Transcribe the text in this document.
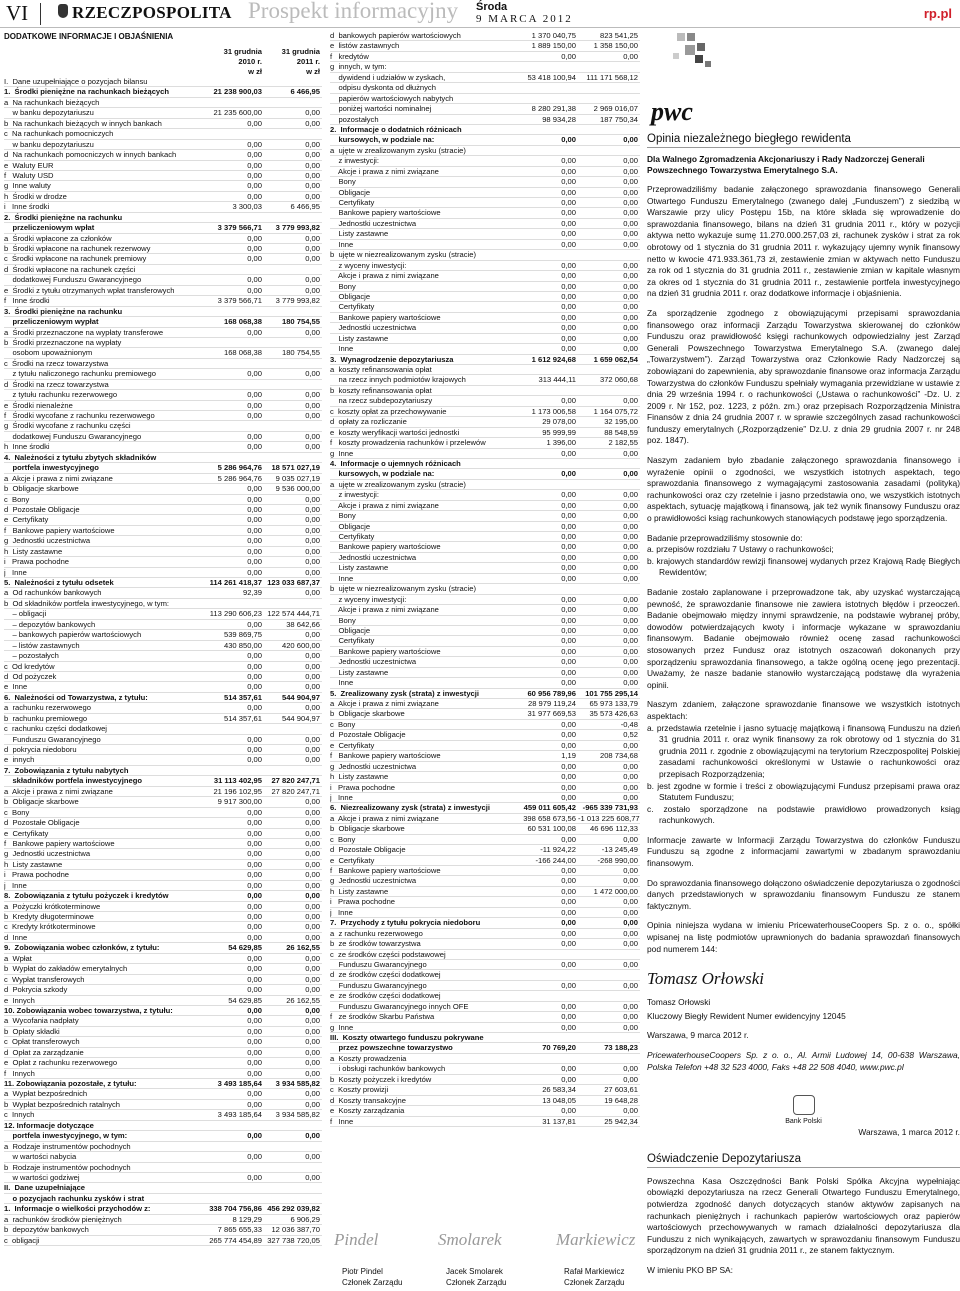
VI	RZECZPOSPOLITA Prospekt informacyjny Środa
9 MARCA 2012	rp.pl
DODATKOWE INFORMACJE I OBJAŚNIENIA
31 grudnia
2010 r.
w zł
31 grudnia
2011 r.
w zł
I.  Dane uzupełniające o pozycjach bilansu
1.  Środki pieniężne na rachunkach bieżących	21 238 900,03	6 466,95
a  Na rachunkach bieżących
w banku depozytariuszu	21 235 600,00	0,00
b  Na rachunkach bieżących w innych bankach	0,00	0,00
c  Na rachunkach pomocniczych
w banku depozytariuszu	0,00	0,00
d  Na rachunkach pomocniczych w innych bankach	0,00	0,00
e  Waluty EUR	0,00	0,00
f   Waluty USD	0,00	0,00
g  Inne waluty	0,00	0,00
h  Środki w drodze	0,00	0,00
i   Inne środki	3 300,03	6 466,95
2.  Środki pieniężne na rachunku
przeliczeniowym wpłat	3 379 566,71	3 779 993,82
a  Środki wpłacone za członków	0,00	0,00
b  Środki wpłacone na rachunek rezerwowy	0,00	0,00
c  Środki wpłacone na rachunek premiowy	0,00	0,00
d  Środki wpłacone na rachunek części
dodatkowej Funduszu Gwarancyjnego	0,00	0,00
e  Środki z tytułu otrzymanych wpłat transferowych	0,00	0,00
f   Inne środki	3 379 566,71	3 779 993,82
3.  Środki pieniężne na rachunku
przeliczeniowym wypłat	168 068,38	180 754,55
a  Środki przeznaczone na wypłaty transferowe	0,00	0,00
b  Środki przeznaczone na wypłaty
osobom upoważnionym	168 068,38	180 754,55
c  Środki na rzecz towarzystwa
z tytułu naliczonego rachunku premiowego	0,00	0,00
d  Środki na rzecz towarzystwa
z tytułu rachunku rezerwowego	0,00	0,00
e  Środki nienależne	0,00	0,00
f   Środki wycofane z rachunku rezerwowego	0,00	0,00
g  Środki wycofane z rachunku części
dodatkowej Funduszu Gwarancyjnego	0,00	0,00
h  Inne środki	0,00	0,00
4.  Należności z tytułu zbytych składników
portfela inwestycyjnego	5 286 964,76	18 571 027,19
a  Akcje i prawa z nimi związane	5 286 964,76	9 035 027,19
b  Obligacje skarbowe	0,00	9 536 000,00
c  Bony	0,00	0,00
d  Pozostałe Obligacje	0,00	0,00
e  Certyfikaty	0,00	0,00
f   Bankowe papiery wartościowe	0,00	0,00
g  Jednostki uczestnictwa	0,00	0,00
h  Listy zastawne	0,00	0,00
i   Prawa pochodne	0,00	0,00
j   Inne	0,00	0,00
5.  Należności z tytułu odsetek	114 261 418,37 123 033 687,37
a  Od rachunków bankowych	92,39	0,00
b  Od składników portfela inwestycyjnego, w tym:
– obligacji	113 290 606,23 122 574 444,71
– depozytów bankowych	0,00	38 642,66
– bankowych papierów wartościowych	539 869,75	0,00
– listów zastawnych	430 850,00	420 600,00
– pozostałych	0,00	0,00
c  Od kredytów	0,00	0,00
d  Od pożyczek	0,00	0,00
e  Inne	0,00	0,00
6.  Należności od Towarzystwa, z tytułu:	514 357,61	544 904,97
a  rachunku rezerwowego	0,00	0,00
b  rachunku premiowego	514 357,61	544 904,97
c  rachunku części dodatkowej
Funduszu Gwarancyjnego	0,00	0,00
d  pokrycia niedoboru	0,00	0,00
e  innych	0,00	0,00
7.  Zobowiązania z tytułu nabytych
składników portfela inwestycyjnego	31 113 402,95	27 820 247,71
a  Akcje i prawa z nimi związane	21 196 102,95	27 820 247,71
b  Obligacje skarbowe	9 917 300,00	0,00
c  Bony	0,00	0,00
d  Pozostałe Obligacje	0,00	0,00
e  Certyfikaty	0,00	0,00
f   Bankowe papiery wartościowe	0,00	0,00
g  Jednostki uczestnictwa	0,00	0,00
h  Listy zastawne	0,00	0,00
i   Prawa pochodne	0,00	0,00
j   Inne	0,00	0,00
8.  Zobowiązania z tytułu pożyczek i kredytów	0,00	0,00
a  Pożyczki krótkoterminowe	0,00	0,00
b  Kredyty długoterminowe	0,00	0,00
c  Kredyty krótkoterminowe	0,00	0,00
d  Inne	0,00	0,00
9.  Zobowiązania wobec członków, z tytułu:	54 629,85	26 162,55
a  Wpłat	0,00	0,00
b  Wypłat do zakładów emerytalnych	0,00	0,00
c  Wypłat transferowych	0,00	0,00
d  Pokrycia szkody	0,00	0,00
e  Innych	54 629,85	26 162,55
10. Zobowiązania wobec towarzystwa, z tytułu:	0,00	0,00
a  Wycofania nadpłaty	0,00	0,00
b  Opłaty składki	0,00	0,00
c  Opłat transferowych	0,00	0,00
d  Opłat za zarządzanie	0,00	0,00
e  Opłat z rachunku rezerwowego	0,00	0,00
f   Innych	0,00	0,00
11. Zobowiązania pozostałe, z tytułu:	3 493 185,64	3 934 585,82
a  Wypłat bezpośrednich	0,00	0,00
b  Wypłat bezpośrednich ratalnych	0,00	0,00
c  Innych	3 493 185,64	3 934 585,82
12. Informacje dotyczące
portfela inwestycyjnego, w tym:	0,00	0,00
a  Rodzaje instrumentów pochodnych
w wartości nabycia	0,00	0,00
b  Rodzaje instrumentów pochodnych
w wartości godziwej	0,00	0,00
II.  Dane uzupełniające
o pozycjach rachunku zysków i strat
1.  Informacje o wielkości przychodów z:	338 704 756,86 456 292 039,82
a  rachunków środków pieniężnych	8 129,29	6 906,29
b  depozytów bankowych	7 865 655,33	12 036 387,70
c  obligacji	265 774 454,89 327 738 720,05
d  bankowych papierów wartościowych	1 370 040,75	823 541,25
e  listów zastawnych	1 889 150,00	1 358 150,00
f   kredytów	0,00	0,00
g  innych, w tym:
dywidend i udziałów w zyskach,	53 418 100,94	111 171 568,12
odpisu dyskonta od dłużnych
papierów wartościowych nabytych
poniżej wartości nominalnej	8 280 291,38	2 969 016,07
pozostałych	98 934,28	187 750,34
2.  Informacje o dodatnich różnicach
kursowych, w podziale na:	0,00	0,00
a  ujęte w zrealizowanym zysku (stracie)
z inwestycji:	0,00	0,00
Akcje i prawa z nimi związane	0,00	0,00
Bony	0,00	0,00
Obligacje	0,00	0,00
Certyfikaty	0,00	0,00
Bankowe papiery wartościowe	0,00	0,00
Jednostki uczestnictwa	0,00	0,00
Listy zastawne	0,00	0,00
Inne	0,00	0,00
b  ujęte w niezrealizowanym zysku (stracie)
z wyceny inwestycji:	0,00	0,00
Akcje i prawa z nimi związane	0,00	0,00
Bony	0,00	0,00
Obligacje	0,00	0,00
Certyfikaty	0,00	0,00
Bankowe papiery wartościowe	0,00	0,00
Jednostki uczestnictwa	0,00	0,00
Listy zastawne	0,00	0,00
Inne	0,00	0,00
3.  Wynagrodzenie depozytariusza	1 612 924,68	1 659 062,54
a  koszty refinansowania opłat
na rzecz innych podmiotów krajowych	313 444,11	372 060,68
b  koszty refinansowania opłat
na rzecz subdepozytariuszy	0,00	0,00
c  koszty opłat za przechowywanie	1 173 006,58	1 164 075,72
d  opłaty za rozliczanie	29 078,00	32 195,00
e  koszty weryfikacji wartości jednostki	95 999,99	88 548,59
f   koszty prowadzenia rachunków i przelewów	1 396,00	2 182,55
g  Inne	0,00	0,00
4.  Informacje o ujemnych różnicach
kursowych, w podziale na:	0,00	0,00
a  ujęte w zrealizowanym zysku (stracie)
z inwestycji:	0,00	0,00
Akcje i prawa z nimi związane	0,00	0,00
Bony	0,00	0,00
Obligacje	0,00	0,00
Certyfikaty	0,00	0,00
Bankowe papiery wartościowe	0,00	0,00
Jednostki uczestnictwa	0,00	0,00
Listy zastawne	0,00	0,00
Inne	0,00	0,00
b  ujęte w niezrealizowanym zysku (stracie)
z wyceny inwestycji:	0,00	0,00
Akcje i prawa z nimi związane	0,00	0,00
Bony	0,00	0,00
Obligacje	0,00	0,00
Certyfikaty	0,00	0,00
Bankowe papiery wartościowe	0,00	0,00
Jednostki uczestnictwa	0,00	0,00
Listy zastawne	0,00	0,00
Inne	0,00	0,00
5.  Zrealizowany zysk (strata) z inwestycji	60 956 789,96	101 755 295,14
a  Akcje i prawa z nimi związane	28 979 119,24	65 973 133,79
b  Obligacje skarbowe	31 977 669,53	35 573 426,63
c  Bony	0,00	-0,48
d  Pozostałe Obligacje	0,00	0,52
e  Certyfikaty	0,00	0,00
f   Bankowe papiery wartościowe	1,19	208 734,68
g  Jednostki uczestnictwa	0,00	0,00
h  Listy zastawne	0,00	0,00
i   Prawa pochodne	0,00	0,00
j   Inne	0,00	0,00
6.  Niezrealizowany zysk (strata) z inwestycji	459 011 605,42 -965 339 731,93
a  Akcje i prawa z nimi związane	398 658 673,56 -1 013 225 608,77
b  Obligacje skarbowe	60 531 100,08	46 696 112,33
c  Bony	0,00	0,00
d  Pozostałe Obligacje	-11 924,22	-13 245,49
e  Certyfikaty	-166 244,00	-268 990,00
f   Bankowe papiery wartościowe	0,00	0,00
g  Jednostki uczestnictwa	0,00	0,00
h  Listy zastawne	0,00	1 472 000,00
i   Prawa pochodne	0,00	0,00
j   Inne	0,00	0,00
7.  Przychody z tytułu pokrycia niedoboru	0,00	0,00
a  z rachunku rezerwowego	0,00	0,00
b  ze środków towarzystwa	0,00	0,00
c  ze środków części podstawowej
Funduszu Gwarancyjnego	0,00	0,00
d  ze środków części dodatkowej
Funduszu Gwarancyjnego	0,00	0,00
e  ze środków części dodatkowej
Funduszu Gwarancyjnego innych OFE	0,00	0,00
f   ze środków Skarbu Państwa	0,00	0,00
g  Inne	0,00	0,00
III.  Koszty otwartego funduszu pokrywane
przez powszechne towarzystwo	70 769,20	73 188,23
a  Koszty prowadzenia
i obsługi rachunków bankowych	0,00	0,00
b  Koszty pożyczek i kredytów	0,00	0,00
c  Koszty prowizji	26 583,34	27 603,61
d  Koszty transakcyjne	13 048,05	19 648,28
e  Koszty zarządzania	0,00	0,00
f   Inne	31 137,81	25 942,34
Pindel
Piotr Pindel
Członek Zarządu
Smolarek
Jacek Smolarek
Członek Zarządu
Markiewicz
Rafał Markiewicz
Członek Zarządu
pwc
Opinia niezależnego biegłego rewidenta
Dla Walnego Zgromadzenia Akcjonariuszy i Rady Nadzorczej Generali Powszechnego Towarzystwa Emerytalnego S.A.
Przeprowadziliśmy badanie załączonego sprawozdania finansowego Generali Otwartego Funduszu Emerytalnego (zwanego dalej „Funduszem”) z siedzibą w Warszawie przy ulicy Postępu 15b, na które składa się wprowadzenie do sprawozdania finansowego, bilans na dzień 31 grudnia 2011 r., który w pozycji aktywa netto wykazuje sumę 11.270.000.257,03 zł, rachunek zysków i strat za rok obrotowy od 1 stycznia do 31 grudnia 2011 r. wykazujący ujemny wynik finansowy netto w kwocie 471.933.361,73 zł, zestawienie zmian w aktywach netto Funduszu za rok od 1 stycznia do 31 grudnia 2011 r., zestawienie zmian w kapitale własnym za okres od 1 stycznia do 31 grudnia 2011 r., zestawienie portfela inwestycyjnego na dzień 31 grudnia 2011 r. oraz dodatkowe informacje i objaśnienia.
Za sporządzenie zgodnego z obowiązującymi przepisami sprawozdania finansowego oraz informacji Zarządu Towarzystwa skierowanej do członków Funduszu oraz prawidłowość księgi rachunkowych odpowiedzialny jest Zarząd Generali Powszechnego Towarzystwa Emerytalnego S.A. (zwanego dalej „Towarzystwem”). Zarząd Towarzystwa oraz Członkowie Rady Nadzorczej są zobowiązani do zapewnienia, aby sprawozdanie finansowe oraz informacja Zarządu Towarzystwa do członków Funduszu spełniały wymagania przewidziane w ustawie z dnia 29 września 1994 r. o rachunkowości („Ustawa o rachunkowości” -Dz. U. z 2009 r. Nr 152, poz. 1223, z późn. zm.) oraz przepisach Rozporządzenia Ministra Finansów z dnia 24 grudnia 2007 r. w sprawie szczególnych zasad rachunkowości funduszy emerytalnych („Rozporządzenie” Dz.U. z dnia 29 grudnia 2007 r. nr 248 poz. 1847).
Naszym zadaniem było zbadanie załączonego sprawozdania finansowego i wyrażenie opinii o zgodności, we wszystkich istotnych aspektach, tego sprawozdania finansowego z wymagającymi zastosowania zasadami (polityką) rachunkowości oraz czy rzetelnie i jasno przedstawia ono, we wszystkich istotnych aspektach, sytuację majątkową i finansową, jak też wynik finansowy Funduszu oraz o prawidłowości ksiąg rachunkowych stanowiących podstawę jego sporządzenia.
Badanie przeprowadziliśmy stosownie do:
a. przepisów rozdziału 7 Ustawy o rachunkowości;
b. krajowych standardów rewizji finansowej wydanych przez Krajową Radę Biegłych Rewidentów;
Badanie zostało zaplanowane i przeprowadzone tak, aby uzyskać wystarczającą pewność, że sprawozdanie finansowe nie zawiera istotnych błędów i przeoczeń. Badanie obejmowało między innymi sprawdzenie, na podstawie wybranej próby, dowodów potwierdzających kwoty i informacje wykazane w sprawozdaniu finansowym. Badanie obejmowało również ocenę zasad rachunkowości stosowanych przez Fundusz oraz istotnych oszacowań dokonanych przy sporządzeniu sprawozdania finansowego, a także ogólną ocenę jego prezentacji. Uważamy, że nasze badanie stanowiło wystarczającą podstawę dla wyrażenia opinii.
Naszym zdaniem, załączone sprawozdanie finansowe we wszystkich istotnych aspektach:
a. przedstawia rzetelnie i jasno sytuację majątkową i finansową Funduszu na dzień 31 grudnia 2011 r. oraz wynik finansowy za rok obrotowy od 1 stycznia do 31 grudnia 2011 r. zgodnie z obowiązującymi na terytorium Rzeczpospolitej Polskiej zasadami rachunkowości określonymi w Ustawie o rachunkowości oraz przepisach Rozporządzenia;
b. jest zgodne w formie i treści z obowiązującymi Fundusz przepisami prawa oraz Statutem Funduszu;
c. zostało sporządzone na podstawie prawidłowo prowadzonych ksiąg rachunkowych.
Informacje zawarte w Informacji Zarządu Towarzystwa do członków Funduszu Funduszu są zgodne z informacjami zawartymi w zbadanym sprawozdaniu finansowym.
Do sprawozdania finansowego dołączono oświadczenie depozytariusza o zgodności danych przedstawionych w sprawozdaniu finansowym Funduszu ze stanem faktycznym.
Opinia niniejsza wydana w imieniu PricewaterhouseCoopers Sp. z o. o., spółki wpisanej na listę podmiotów uprawnionych do badania sprawozdań finansowych pod numerem 144:
Tomasz Orłowski
Tomasz Orłowski
Kluczowy Biegły Rewident Numer ewidencyjny 12045
Warszawa, 9 marca 2012 r.
PricewaterhouseCoopers Sp. z o. o., Al. Armii Ludowej 14, 00-638 Warszawa, Polska Telefon +48 32 523 4000, Faks +48 22 508 4040, www.pwc.pl
Bank Polski
Warszawa, 1 marca 2012 r.
Oświadczenie Depozytariusza
Powszechna Kasa Oszczędności Bank Polski Spółka Akcyjna wypełniając obowiązki depozytariusza na rzecz Generali Otwartego Funduszu Emerytalnego, potwierdza zgodność danych dotyczących stanów aktywów zapisanych na rachunkach pieniężnych i rachunkach papierów wartościowych oraz papierów wartościowych przechowywanych w ramach działalności depozytariusza dla Funduszu z nich wynikających, zawartych w sprawozdaniu finansowym Funduszu sporządzonym na dzień 31 grudnia 2011 r., ze stanem faktycznym.
W imieniu PKO BP SA:
